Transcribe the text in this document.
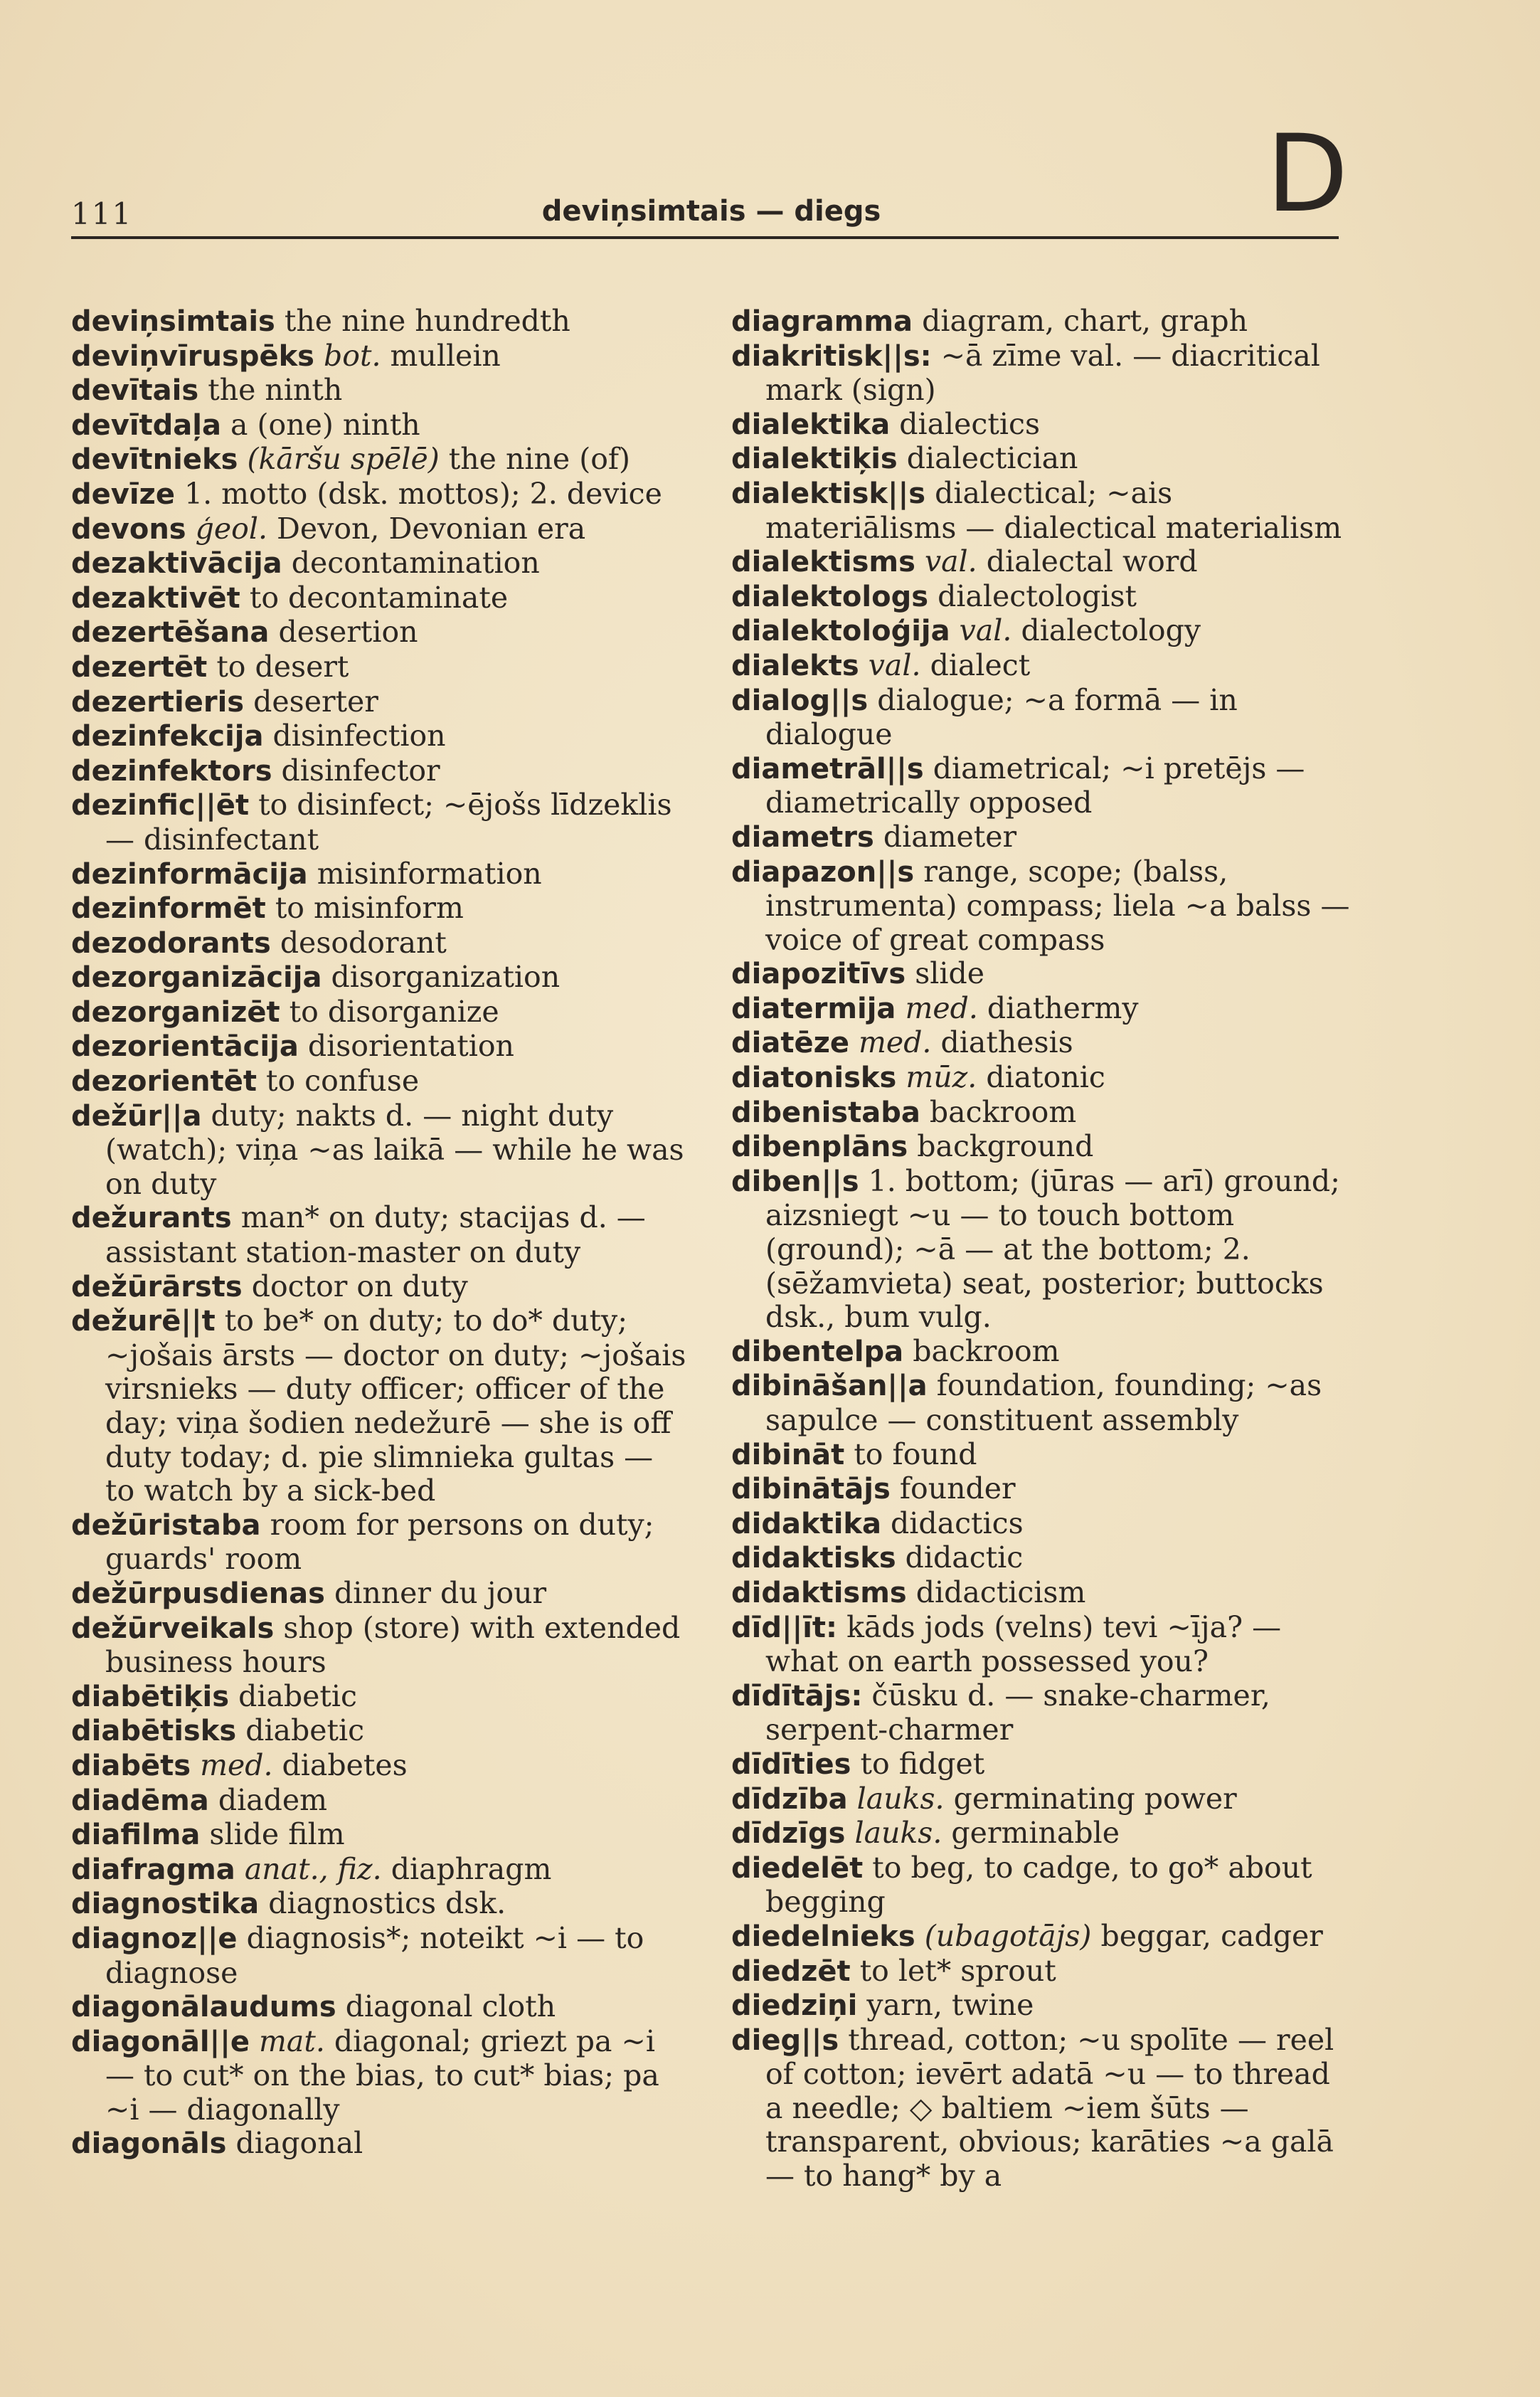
D
111	deviņsimtais — diegs
deviņsimtais the nine hundredth
deviņvīruspēks bot. mullein
devītais the ninth
devītdaļa a (one) ninth
devītnieks (kāršu spēlē) the nine (of)
devīze 1. motto (dsk. mottos); 2. device
devons ģeol. Devon, Devonian era
dezaktivācija decontamination
dezaktivēt to decontaminate
dezertēšana desertion
dezertēt to desert
dezertieris deserter
dezinfekcija disinfection
dezinfektors disinfector
dezinfic||ēt to disinfect; ~ējošs līdzeklis — disinfectant
dezinformācija misinformation
dezinformēt to misinform
dezodorants desodorant
dezorganizācija disorganization
dezorganizēt to disorganize
dezorientācija disorientation
dezorientēt to confuse
dežūr||a duty; nakts d. — night duty (watch); viņa ~as laikā — while he was on duty
dežurants man* on duty; stacijas d. — assistant station-master on duty
dežūrārsts doctor on duty
dežurē||t to be* on duty; to do* duty; ~jošais ārsts — doctor on duty; ~jošais virsnieks — duty officer; officer of the day; viņa šodien nedežurē — she is off duty today; d. pie slimnieka gultas — to watch by a sick-bed
dežūristaba room for persons on duty; guards' room
dežūrpusdienas dinner du jour
dežūrveikals shop (store) with extended business hours
diabētiķis diabetic
diabētisks diabetic
diabēts med. diabetes
diadēma diadem
diafilma slide film
diafragma anat., fiz. diaphragm
diagnostika diagnostics dsk.
diagnoz||e diagnosis*; noteikt ~i — to diagnose
diagonālaudums diagonal cloth
diagonāl||e mat. diagonal; griezt pa ~i — to cut* on the bias, to cut* bias; pa ~i — diagonally
diagonāls diagonal
diagramma diagram, chart, graph
diakritisk||s: ~ā zīme val. — diacritical mark (sign)
dialektika dialectics
dialektiķis dialectician
dialektisk||s dialectical; ~ais materiālisms — dialectical materialism
dialektisms val. dialectal word
dialektologs dialectologist
dialektoloģija val. dialectology
dialekts val. dialect
dialog||s dialogue; ~a formā — in dialogue
diametrāl||s diametrical; ~i pretējs — diametrically opposed
diametrs diameter
diapazon||s range, scope; (balss, instrumenta) compass; liela ~a balss — voice of great compass
diapozitīvs slide
diatermija med. diathermy
diatēze med. diathesis
diatonisks mūz. diatonic
dibenistaba backroom
dibenplāns background
diben||s 1. bottom; (jūras — arī) ground; aizsniegt ~u — to touch bottom (ground); ~ā — at the bottom; 2. (sēžamvieta) seat, posterior; buttocks dsk., bum vulg.
dibentelpa backroom
dibināšan||a foundation, founding; ~as sapulce — constituent assembly
dibināt to found
dibinātājs founder
didaktika didactics
didaktisks didactic
didaktisms didacticism
dīd||īt: kāds jods (velns) tevi ~īja? — what on earth possessed you?
dīdītājs: čūsku d. — snake-charmer, serpent-charmer
dīdīties to fidget
dīdzība lauks. germinating power
dīdzīgs lauks. germinable
diedelēt to beg, to cadge, to go* about begging
diedelnieks (ubagotājs) beggar, cadger
diedzēt to let* sprout
diedziņi yarn, twine
dieg||s thread, cotton; ~u spolīte — reel of cotton; ievērt adatā ~u — to thread a needle; ◇ baltiem ~iem šūts — transparent, obvious; karāties ~a galā — to hang* by a
